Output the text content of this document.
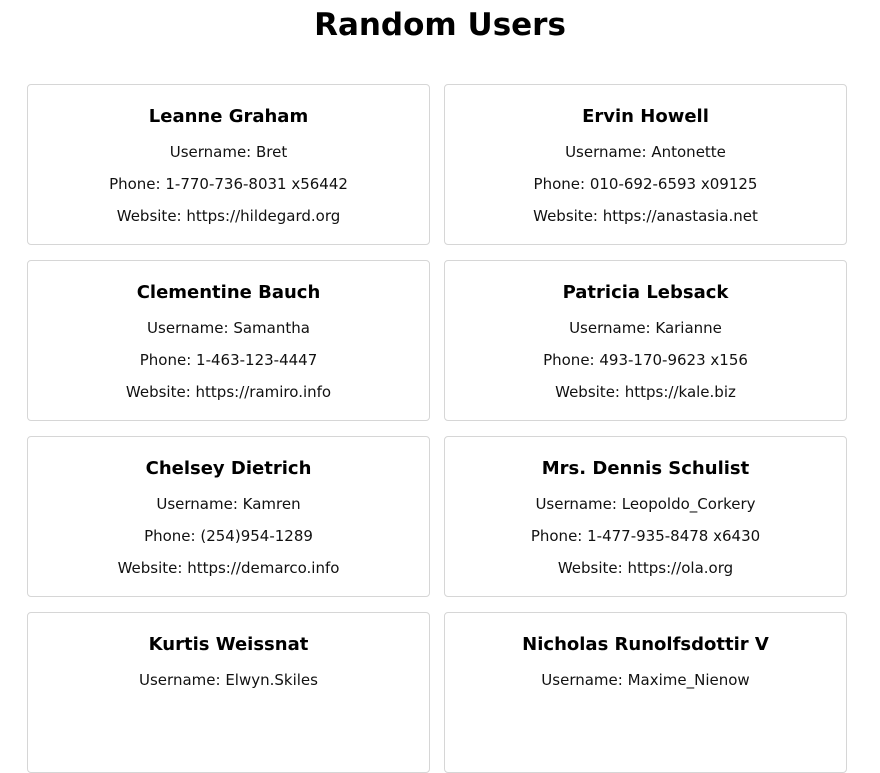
Random Users

Leanne Graham

Username: Bret

Phone: 1-770-736-8031 x56442

Website: https://hildegard.org

Ervin Howell

Username: Antonette

Phone: 010-692-6593 x09125

Website: https://anastasia.net

Clementine Bauch

Username: Samantha

Phone: 1-463-123-4447

Website: https://ramiro.info

Patricia Lebsack

Username: Karianne

Phone: 493-170-9623 x156

Website: https://kale.biz

Chelsey Dietrich

Username: Kamren

Phone: (254)954-1289

Website: https://demarco.info

Mrs. Dennis Schulist

Username: Leopoldo_Corkery

Phone: 1-477-935-8478 x6430

Website: https://ola.org

Kurtis Weissnat

Username: Elwyn.Skiles

Nicholas Runolfsdottir V

Username: Maxime_Nienow
